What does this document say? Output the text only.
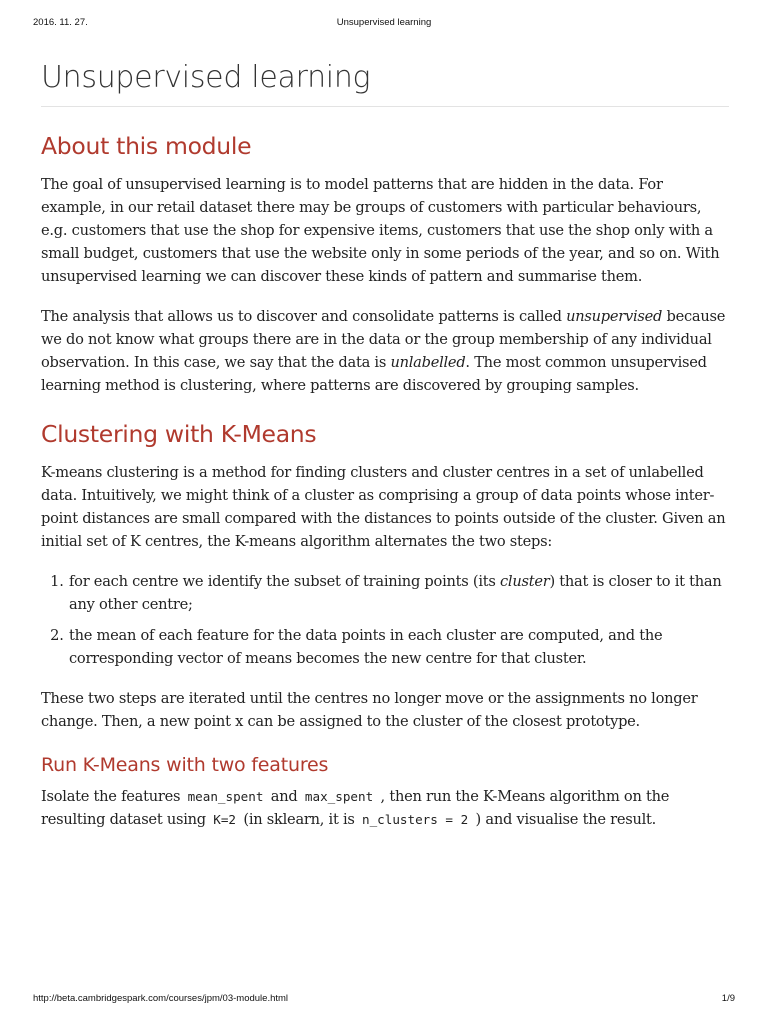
2016. 11. 27.	Unsupervised learning
Unsupervised learning
About this module

The goal of unsupervised learning is to model patterns that are hidden in the data. For example, in our retail dataset there may be groups of customers with particular behaviours, e.g. customers that use the shop for expensive items, customers that use the shop only with a small budget, customers that use the website only in some periods of the year, and so on. With unsupervised learning we can discover these kinds of pattern and summarise them.

The analysis that allows us to discover and consolidate patterns is called unsupervised because we do not know what groups there are in the data or the group membership of any individual observation. In this case, we say that the data is unlabelled. The most common unsupervised learning method is clustering, where patterns are discovered by grouping samples.

Clustering with K-Means

K-means clustering is a method for finding clusters and cluster centres in a set of unlabelled data. Intuitively, we might think of a cluster as comprising a group of data points whose inter-point distances are small compared with the distances to points outside of the cluster. Given an initial set of K centres, the K-means algorithm alternates the two steps:

1. for each centre we identify the subset of training points (its cluster) that is closer to it than any other centre;
2. the mean of each feature for the data points in each cluster are computed, and the corresponding vector of means becomes the new centre for that cluster.

These two steps are iterated until the centres no longer move or the assignments no longer change. Then, a new point x can be assigned to the cluster of the closest prototype.

Run K-Means with two features

Isolate the features mean_spent and max_spent , then run the K-Means algorithm on the resulting dataset using K=2 (in sklearn, it is n_clusters = 2 ) and visualise the result.

http://beta.cambridgespark.com/courses/jpm/03-module.html	1/9
